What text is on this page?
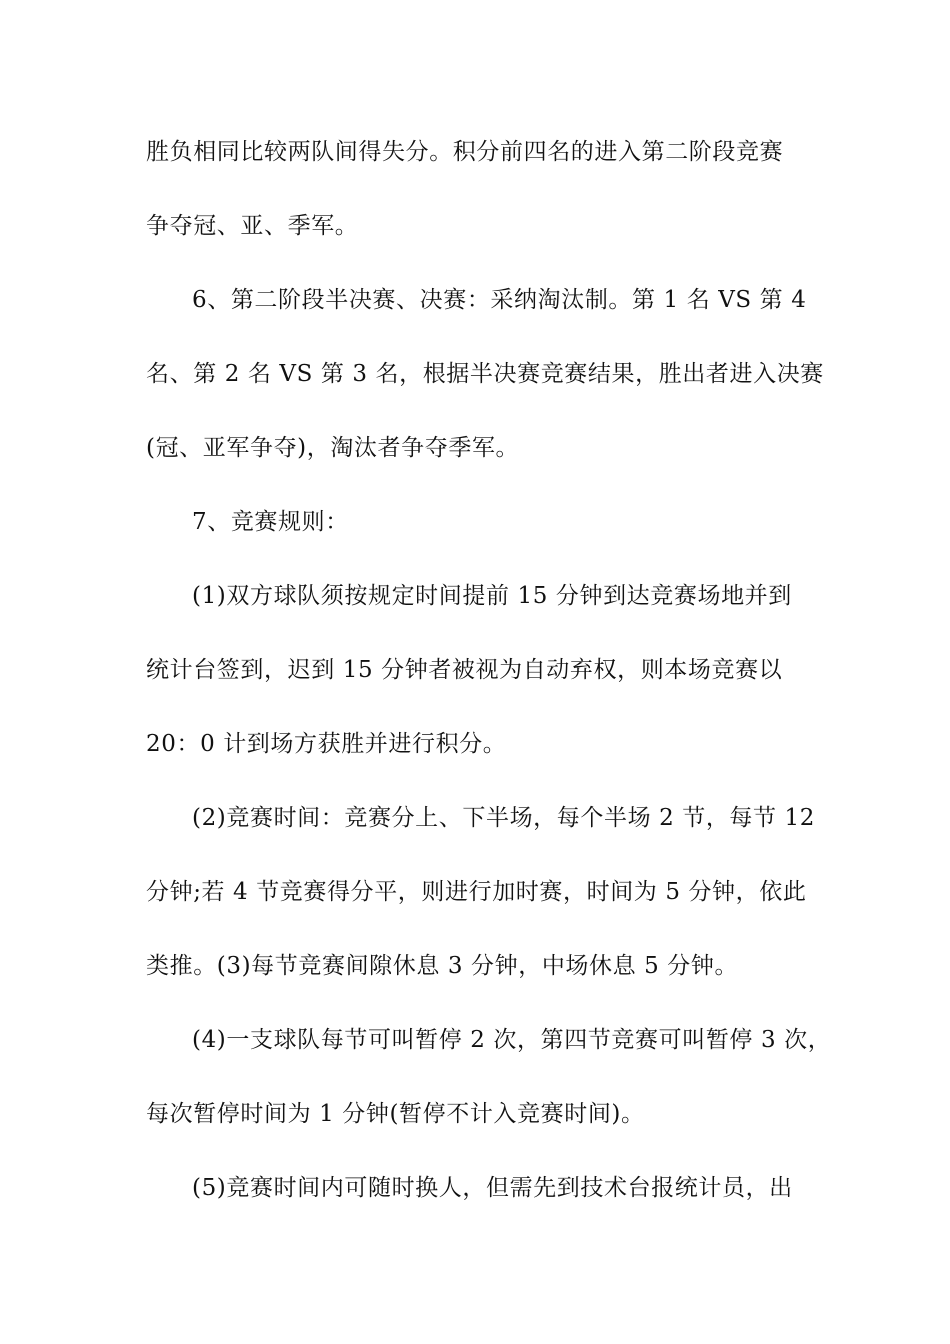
胜负相同比较两队间得失分。积分前四名的进入第二阶段竞赛
争夺冠、亚、季军。
6、第二阶段半决赛、决赛：采纳淘汰制。第 1 名 VS 第 4
名、第 2 名 VS 第 3 名，根据半决赛竞赛结果，胜出者进入决赛
(冠、亚军争夺)，淘汰者争夺季军。
7、竞赛规则：
(1)双方球队须按规定时间提前 15 分钟到达竞赛场地并到
统计台签到，迟到 15 分钟者被视为自动弃权，则本场竞赛以
20：0 计到场方获胜并进行积分。
(2)竞赛时间：竞赛分上、下半场，每个半场 2 节，每节 12
分钟;若 4 节竞赛得分平，则进行加时赛，时间为 5 分钟，依此
类推。(3)每节竞赛间隙休息 3 分钟，中场休息 5 分钟。
(4)一支球队每节可叫暂停 2 次，第四节竞赛可叫暂停 3 次，
每次暂停时间为 1 分钟(暂停不计入竞赛时间)。
(5)竞赛时间内可随时换人，但需先到技术台报统计员，出
